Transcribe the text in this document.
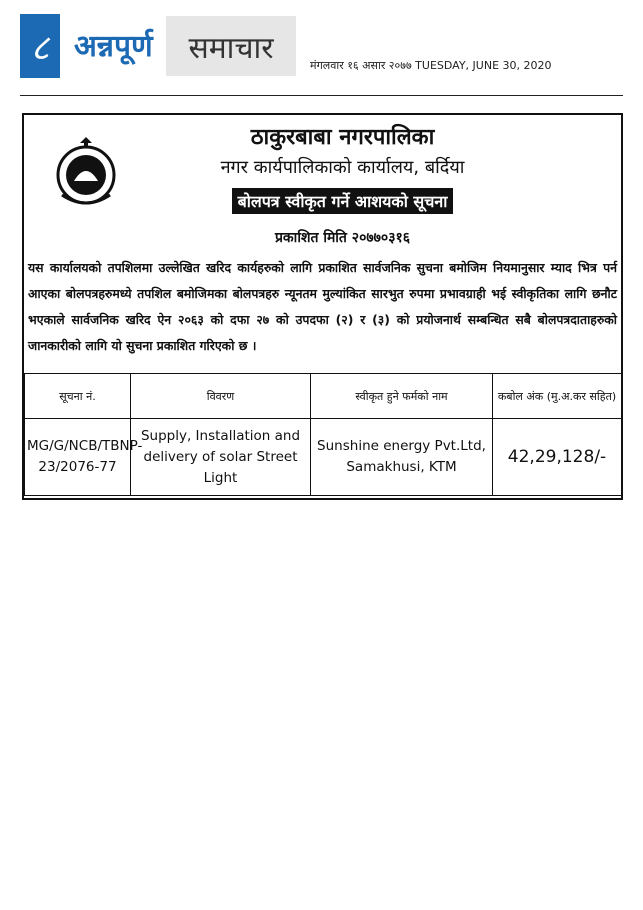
८ अन्नपूर्ण	समाचार	मंगलवार १६ असार २०७७ TUESDAY, JUNE 30, 2020
ठाकुरबाबा नगरपालिका
नगर कार्यपालिकाको कार्यालय, बर्दिया
बोलपत्र स्वीकृत गर्ने आशयको सूचना
प्रकाशित मिति २०७७०३१६
यस कार्यालयको तपशिलमा उल्लेखित खरिद कार्यहरुको लागि प्रकाशित सार्वजनिक सुचना बमोजिम नियमानुसार म्याद भित्र पर्न आएका बोलपत्रहरुमध्ये तपशिल बमोजिमका बोलपत्रहरु न्यूनतम मुल्यांकित सारभुत रुपमा प्रभावग्राही भई स्वीकृतिका लागि छनौट भएकाले सार्वजनिक खरिद ऐन २०६३ को दफा २७ को उपदफा (२) र (३) को प्रयोजनार्थ सम्बन्धित सबै बोलपत्रदाताहरुको जानकारीको लागि यो सुचना प्रकाशित गरिएको छ ।
सूचना नं.	विवरण	स्वीकृत हुने फर्मको नाम	कबोल अंक (मु.अ.कर सहित)
MG/G/NCB/TBNP-23/2076-77	Supply, Installation and delivery of solar Street Light	Sunshine energy Pvt.Ltd, Samakhusi, KTM	42,29,128/-
